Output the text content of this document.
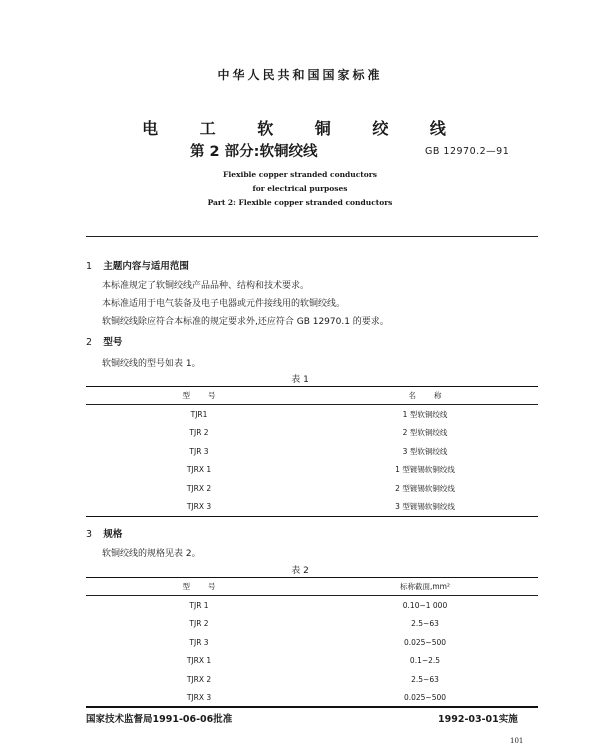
中华人民共和国国家标准
电 工 软 铜 绞 线
第 2 部分:软铜绞线	GB 12970.2—91
Flexible copper stranded conductors
for electrical purposes
Part 2: Flexible copper stranded conductors
1 主题内容与适用范围
本标准规定了软铜绞线产品品种、结构和技术要求。
本标准适用于电气装备及电子电器或元件接线用的软铜绞线。
软铜绞线除应符合本标准的规定要求外,还应符合 GB 12970.1 的要求。
2 型号
软铜绞线的型号如表 1。
表 1
型号	名称
TJR1	1 型软铜绞线
TJR 2	2 型软铜绞线
TJR 3	3 型软铜绞线
TJRX 1	1 型镀锡软铜绞线
TJRX 2	2 型镀锡软铜绞线
TJRX 3	3 型镀锡软铜绞线
3 规格
软铜绞线的规格见表 2。
表 2
型号	标称截面,mm²
TJR 1	0.10~1 000
TJR 2	2.5~63
TJR 3	0.025~500
TJRX 1	0.1~2.5
TJRX 2	2.5~63
TJRX 3	0.025~500
国家技术监督局1991-06-06批准	1992-03-01实施
101
